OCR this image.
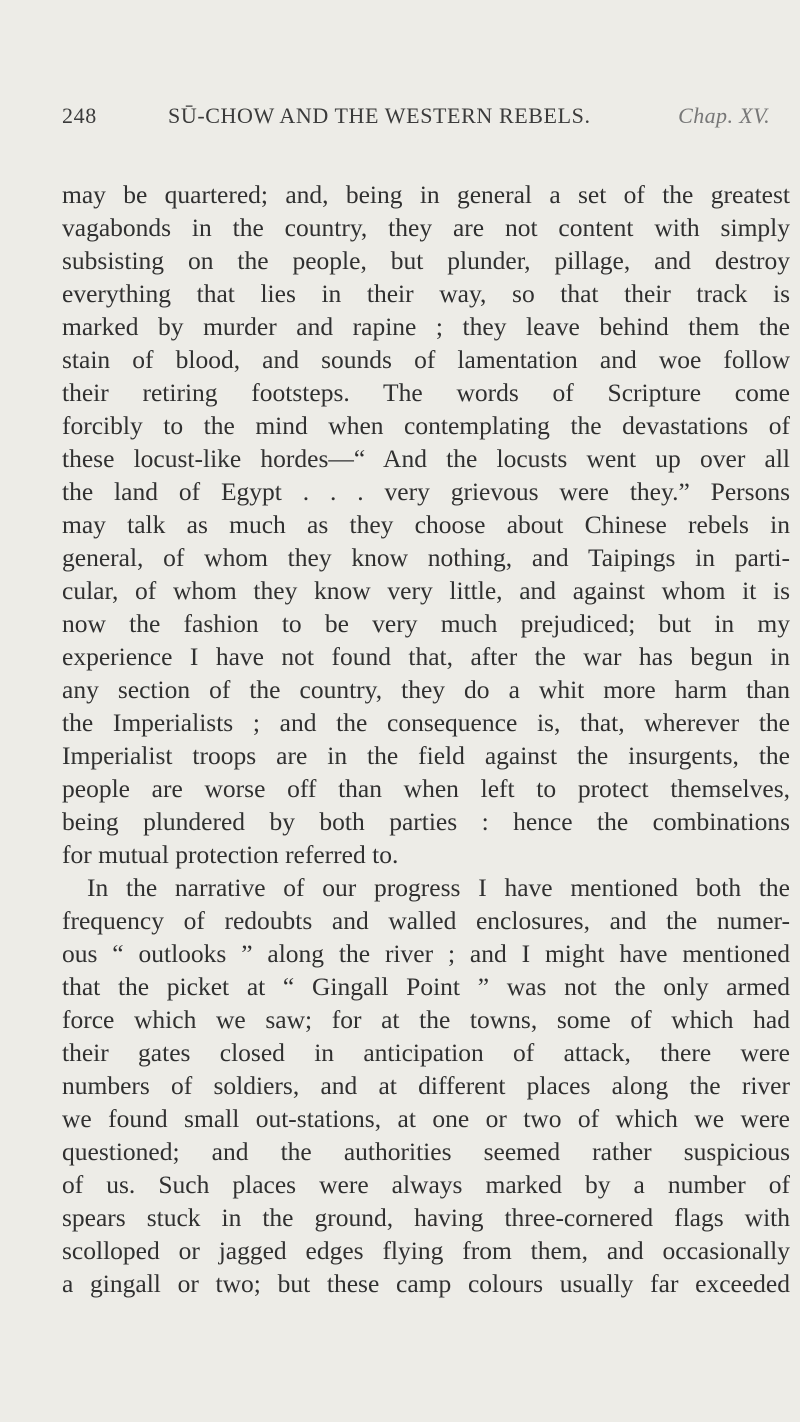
248	SŪ-CHOW AND THE WESTERN REBELS.	Chap. XV.
may be quartered; and, being in general a set of the greatest
vagabonds in the country, they are not content with simply
subsisting on the people, but plunder, pillage, and destroy
everything that lies in their way, so that their track is
marked by murder and rapine ; they leave behind them the
stain of blood, and sounds of lamentation and woe follow
their retiring footsteps. The words of Scripture come
forcibly to the mind when contemplating the devastations of
these locust-like hordes—“ And the locusts went up over all
the land of Egypt . . . very grievous were they.” Persons
may talk as much as they choose about Chinese rebels in
general, of whom they know nothing, and Taipings in parti-
cular, of whom they know very little, and against whom it is
now the fashion to be very much prejudiced; but in my
experience I have not found that, after the war has begun in
any section of the country, they do a whit more harm than
the Imperialists ; and the consequence is, that, wherever the
Imperialist troops are in the field against the insurgents, the
people are worse off than when left to protect themselves,
being plundered by both parties : hence the combinations
for mutual protection referred to.
In the narrative of our progress I have mentioned both the
frequency of redoubts and walled enclosures, and the numer-
ous “ outlooks ” along the river ; and I might have mentioned
that the picket at “ Gingall Point ” was not the only armed
force which we saw; for at the towns, some of which had
their gates closed in anticipation of attack, there were
numbers of soldiers, and at different places along the river
we found small out-stations, at one or two of which we were
questioned; and the authorities seemed rather suspicious
of us. Such places were always marked by a number of
spears stuck in the ground, having three-cornered flags with
scolloped or jagged edges flying from them, and occasionally
a gingall or two; but these camp colours usually far exceeded
